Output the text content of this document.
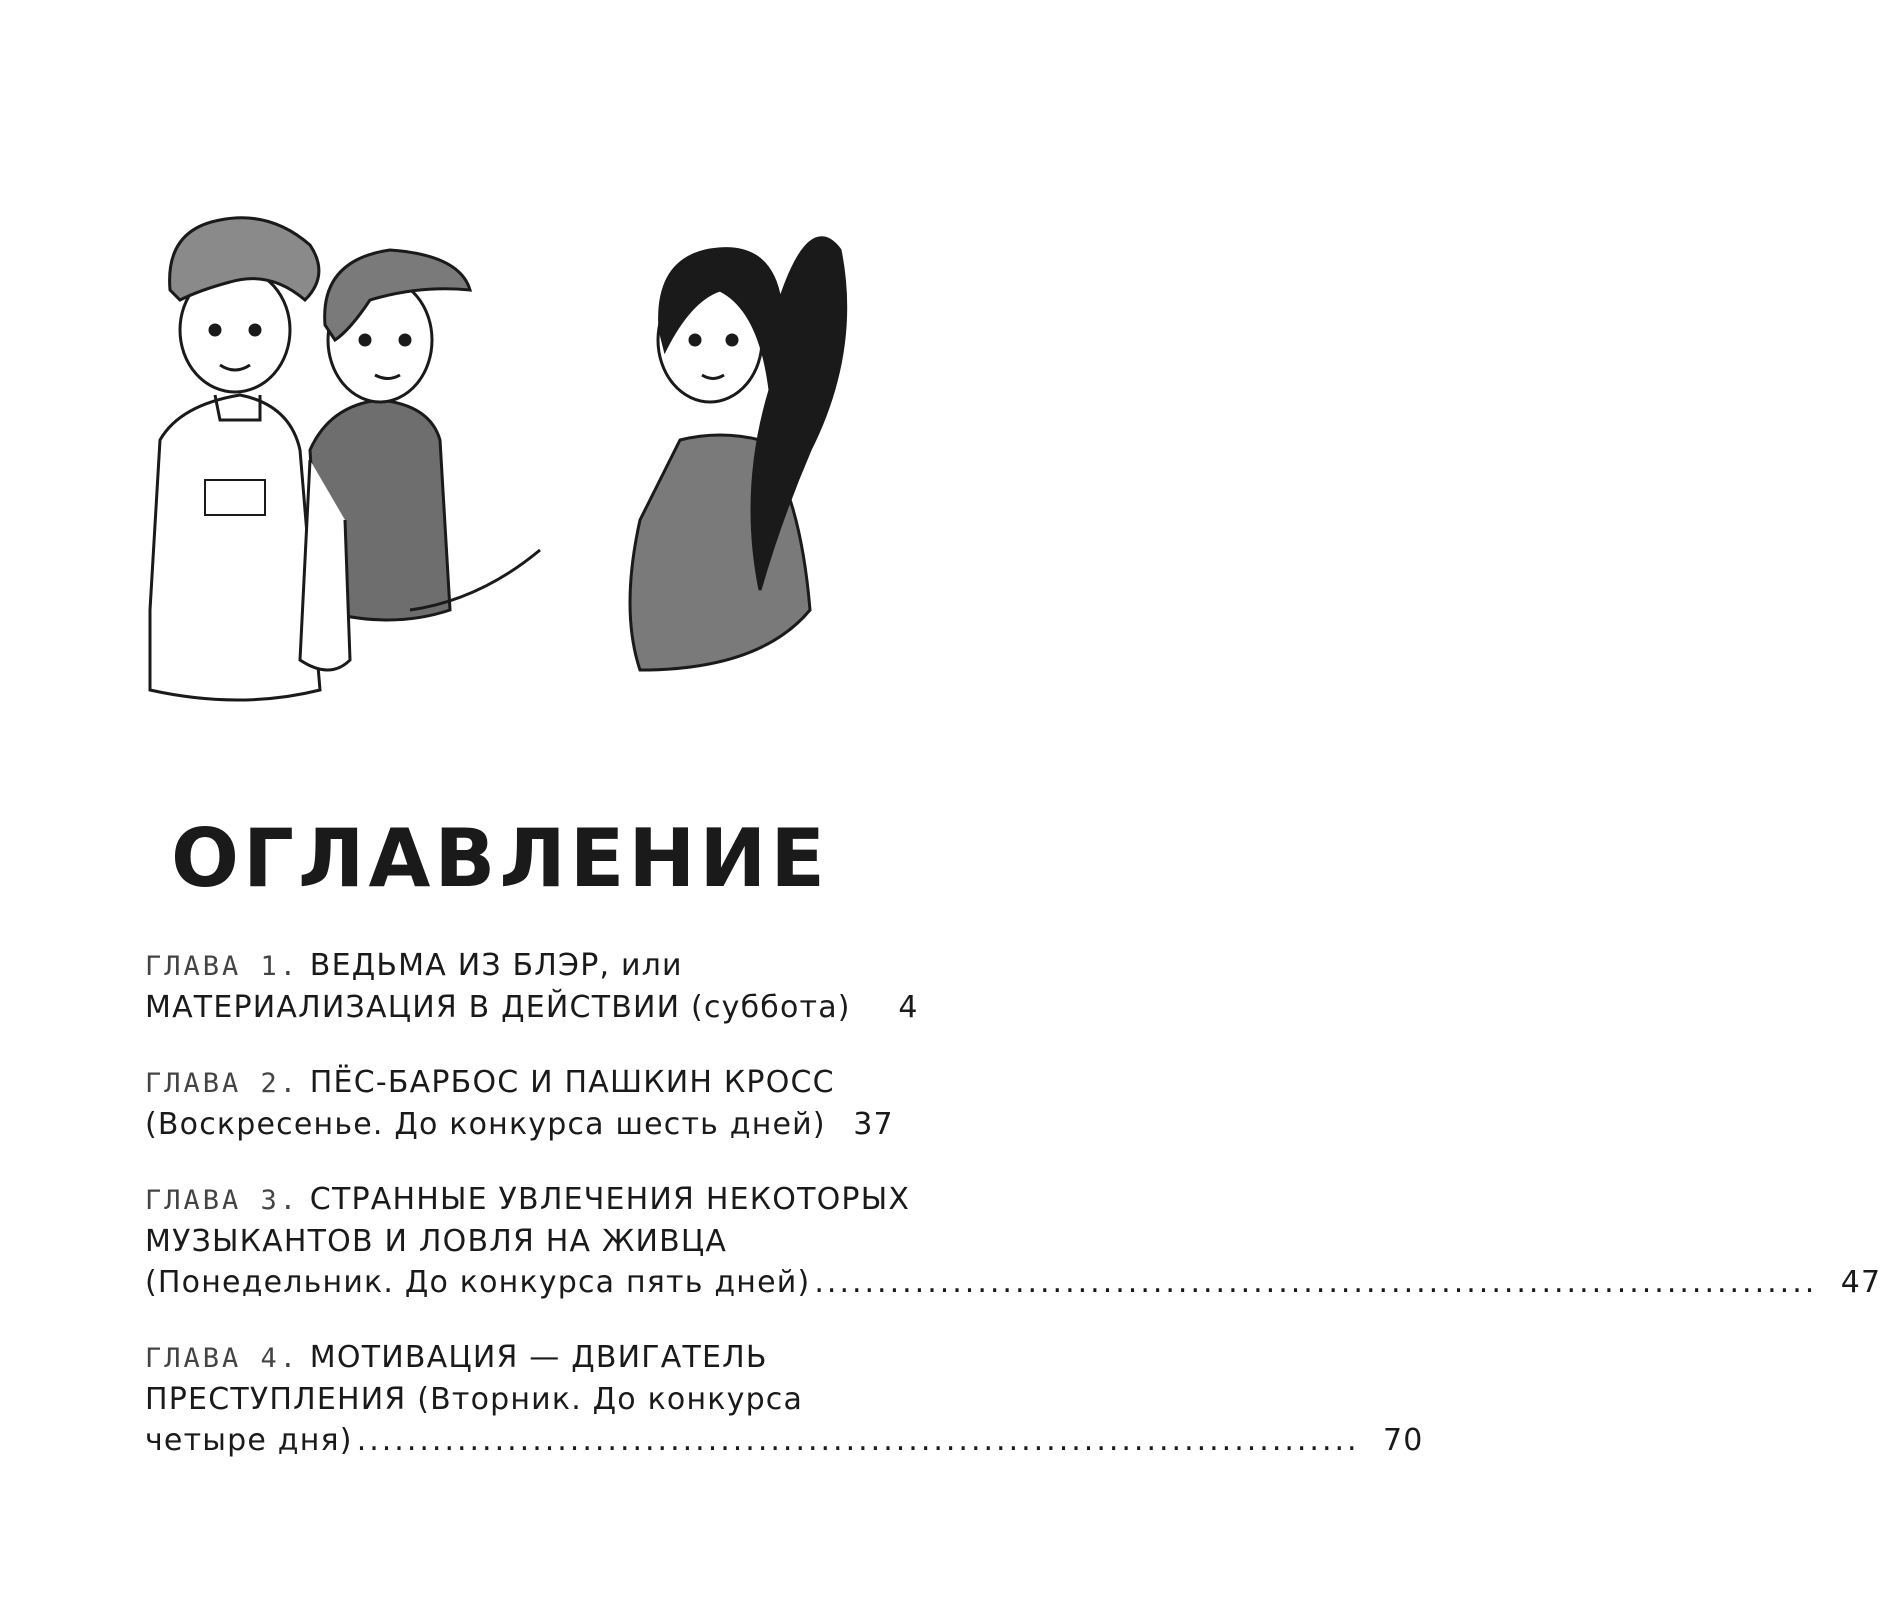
ОГЛАВЛЕНИЕ
ГЛАВА 1. ВЕДЬМА ИЗ БЛЭР, или
МАТЕРИАЛИЗАЦИЯ В ДЕЙСТВИИ (суббота)	4
ГЛАВА 2. ПЁС-БАРБОС И ПАШКИН КРОСС
(Воскресенье. До конкурса шесть дней) 37
ГЛАВА 3. СТРАННЫЕ УВЛЕЧЕНИЯ НЕКОТОРЫХ
МУЗЫКАНТОВ И ЛОВЛЯ НА ЖИВЦА
(Понедельник. До конкурса пять дней) ................................................................................ 47
ГЛАВА 4. МОТИВАЦИЯ — ДВИГАТЕЛЬ
ПРЕСТУПЛЕНИЯ (Вторник. До конкурса
четыре дня) ................................................................................ 70
